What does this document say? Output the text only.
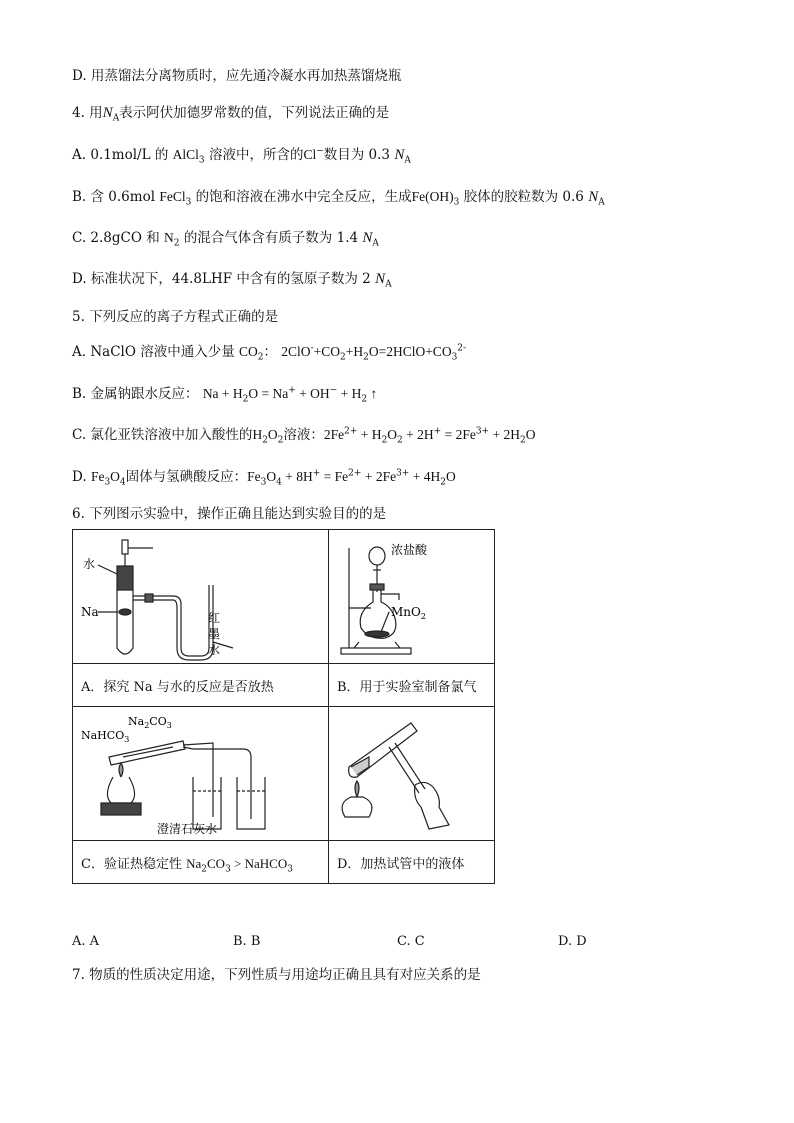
D. 用蒸馏法分离物质时，应先通冷凝水再加热蒸馏烧瓶
4. 用$N_A$表示阿伏加德罗常数的值，下列说法正确的是
A. 0.1mol/L 的 AlCl$_3$ 溶液中，所含的Cl−数目为 0.3 $N_A$
B. 含 0.6mol FeCl$_3$ 的饱和溶液在沸水中完全反应，生成$Fe(OH)_3$ 胶体的胶粒数为 0.6 $N_A$
C. 2.8gCO 和 $N_2$ 的混合气体含有质子数为 1.4 $N_A$
D. 标准状况下，44.8LHF 中含有的氢原子数为 2 $N_A$
5. 下列反应的离子方程式正确的是
A. NaClO 溶液中通入少量 $CO_2$： $2ClO^-+CO_2+H_2O=2HClO+CO_3^{2-}$
B. 金属钠跟水反应： $Na + H_2O = Na^+ + OH^- + H_2$ ↑
C. 氯化亚铁溶液中加入酸性的$H_2O_2$溶液：$2Fe^{2+} + H_2O_2 + 2H^+ = 2Fe^{3+} + 2H_2O$
D. $Fe_3O_4$固体与氢碘酸反应：$Fe_3O_4 + 8H^+ = Fe^{2+} + 2Fe^{3+} + 4H_2O$
6. 下列图示实验中，操作正确且能达到实验目的的是
水
Na 红
墨
水	浓盐酸
MnO$_2$

A．探究 Na 与水的反应是否放热	B．用于实验室制备氯气

$Na_2CO_3$
NaHCO$_3$
澄清石灰水

C．验证热稳定性 $Na_2CO_3$ > NaHCO$_3$	D．加热试管中的液体
A. A	B. B	C. C	D. D
7. 物质的性质决定用途，下列性质与用途均正确且具有对应关系的是
